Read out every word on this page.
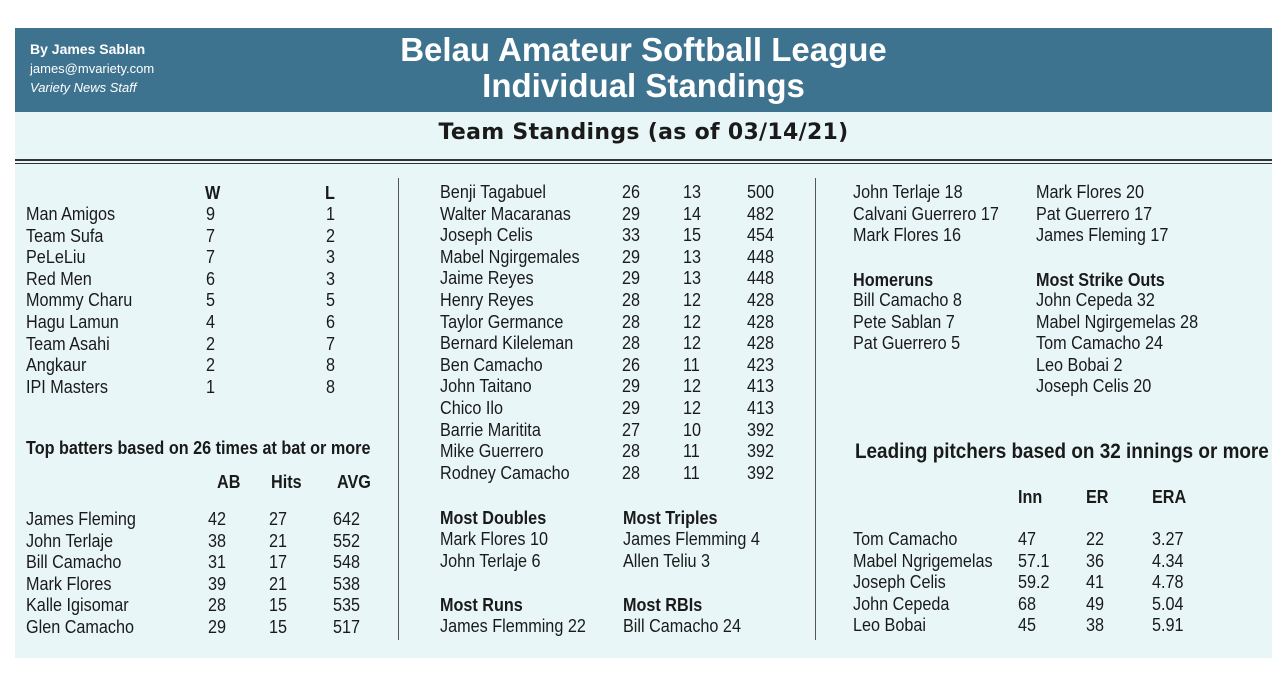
By James Sablan
james@mvariety.com
Variety News Staff
Belau Amateur Softball League
Individual Standings
Team Standings (as of 03/14/21)
W	L
Man Amigos	9	1
Team Sufa	7	2
PeLeLiu	7	3
Red Men	6	3
Mommy Charu	5	5
Hagu Lamun	4	6
Team Asahi	2	7
Angkaur	2	8
IPI Masters	1	8
Top batters based on 26 times at bat or more
AB Hits AVG
James Fleming	42 27	642
John Terlaje	38 21	552
Bill Camacho	31 17	548
Mark Flores	39 21	538
Kalle Igisomar	28 15	535
Glen Camacho	29 15	517
Benji Tagabuel	26 13	500
Walter Macaranas	29 14	482
Joseph Celis	33 15	454
Mabel Ngirgemales 29 13	448
Jaime Reyes	29 13	448
Henry Reyes	28 12	428
Taylor Germance	28 12	428
Bernard Kileleman	28 12	428
Ben Camacho	26 11	423
John Taitano	29 12	413
Chico Ilo	29 12	413
Barrie Maritita	27 10	392
Mike Guerrero	28 11	392
Rodney Camacho	28 11	392
Most Doubles
Mark Flores 10
John Terlaje 6
Most Triples
James Flemming 4
Allen Teliu 3
Most Runs
James Flemming 22
Most RBIs
Bill Camacho 24
John Terlaje 18
Calvani Guerrero 17
Mark Flores 16
Mark Flores 20
Pat Guerrero 17
James Fleming 17
Homeruns
Bill Camacho 8
Pete Sablan 7
Pat Guerrero 5
Most Strike Outs
John Cepeda 32
Mabel Ngirgemelas 28
Tom Camacho 24
Leo Bobai 2
Joseph Celis 20
Leading pitchers based on 32 innings or more
Inn ER ERA
Tom Camacho	47	22	3.27
Mabel Ngrigemelas 57.1 36	4.34
Joseph Celis	59.2 41	4.78
John Cepeda	68	49	5.04
Leo Bobai	45	38	5.91
